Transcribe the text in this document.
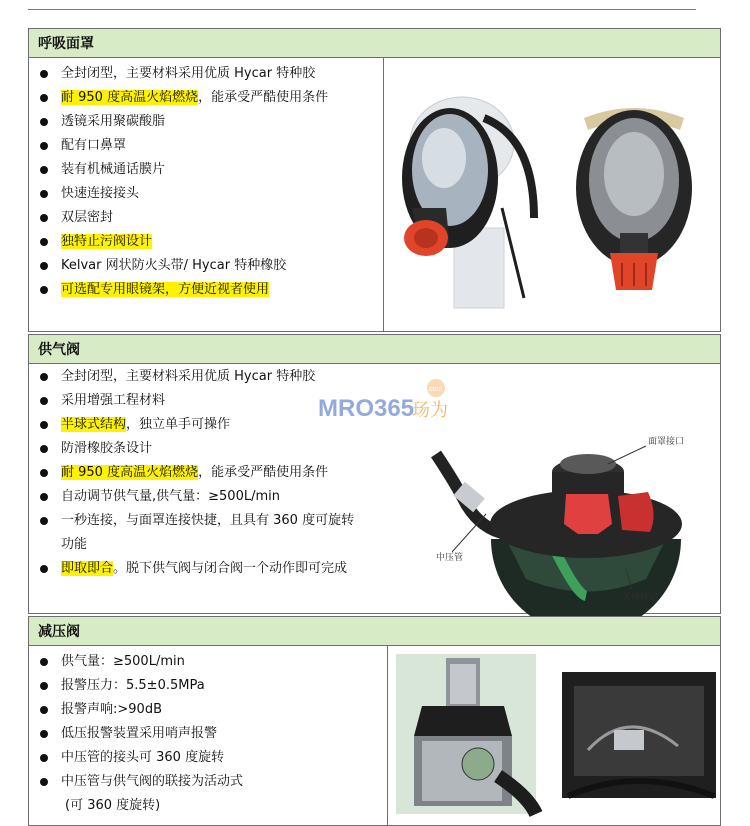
呼吸面罩
全封闭型，主要材料采用优质 Hycar 特种胶
耐 950 度高温火焰燃烧，能承受严酷使用条件
透镜采用聚碳酸脂
配有口鼻罩
装有机械通话膜片
快速连接接头
双层密封
独特止污阀设计
Kelvar 网状防火头带/ Hycar 特种橡胶
可选配专用眼镜架，方便近视者使用
供气阀
全封闭型，主要材料采用优质 Hycar 特种胶
采用增强工程材料
半球式结构，独立单手可操作
防滑橡胶条设计
耐 950 度高温火焰燃烧，能承受严酷使用条件
自动调节供气量,供气量：≥500L/min
一秒连接，与面罩连接快捷，且具有 360 度可旋转
功能
即取即合。脱下供气阀与闭合阀一个动作即可完成
MRO365
玚为
com
面罩接口
中压管
关闭按钮
减压阀
供气量：≥500L/min
报警压力：5.5±0.5MPa
报警声响:>90dB
低压报警装置采用哨声报警
中压管的接头可 360 度旋转
中压管与供气阀的联接为活动式
(可 360 度旋转)
